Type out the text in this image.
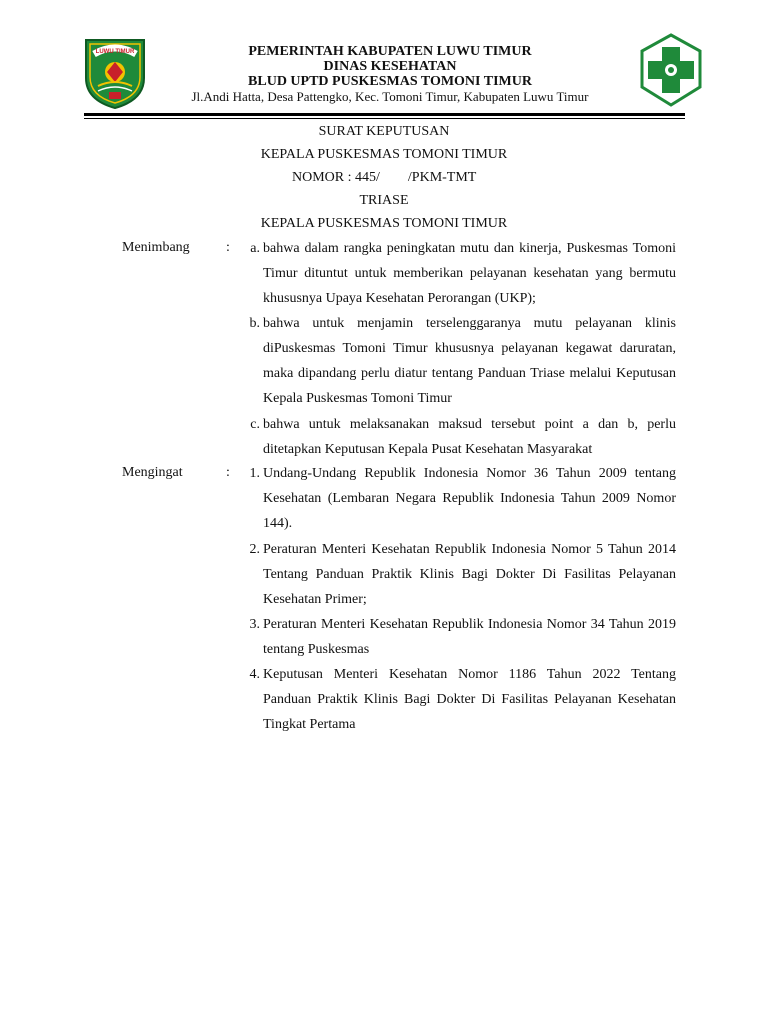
LUWU TIMUR	PEMERINTAH KABUPATEN LUWU TIMUR
DINAS KESEHATAN
BLUD UPTD PUSKESMAS TOMONI TIMUR
Jl.Andi Hatta, Desa Pattengko, Kec. Tomoni Timur, Kabupaten Luwu Timur
SURAT KEPUTUSAN
KEPALA PUSKESMAS TOMONI TIMUR
NOMOR : 445/ /PKM-TMT
TRIASE
KEPALA PUSKESMAS TOMONI TIMUR
Menimbang	:	a. bahwa dalam rangka peningkatan mutu dan kinerja, Puskesmas Tomoni Timur dituntut untuk memberikan pelayanan kesehatan yang bermutu khususnya Upaya Kesehatan Perorangan (UKP);
b. bahwa untuk menjamin terselenggaranya mutu pelayanan klinis diPuskesmas Tomoni Timur khususnya pelayanan kegawat daruratan, maka dipandang perlu diatur tentang Panduan Triase melalui Keputusan Kepala Puskesmas Tomoni Timur
c. bahwa untuk melaksanakan maksud tersebut point a dan b, perlu ditetapkan Keputusan Kepala Pusat Kesehatan Masyarakat
Mengingat	:	1. Undang-Undang Republik Indonesia Nomor 36 Tahun 2009 tentang Kesehatan (Lembaran Negara Republik Indonesia Tahun 2009 Nomor 144).
2. Peraturan Menteri Kesehatan Republik Indonesia Nomor 5 Tahun 2014 Tentang Panduan Praktik Klinis Bagi Dokter Di Fasilitas Pelayanan Kesehatan Primer;
3. Peraturan Menteri Kesehatan Republik Indonesia Nomor 34 Tahun 2019 tentang Puskesmas
4. Keputusan Menteri Kesehatan Nomor 1186 Tahun 2022 Tentang Panduan Praktik Klinis Bagi Dokter Di Fasilitas Pelayanan Kesehatan Tingkat Pertama
